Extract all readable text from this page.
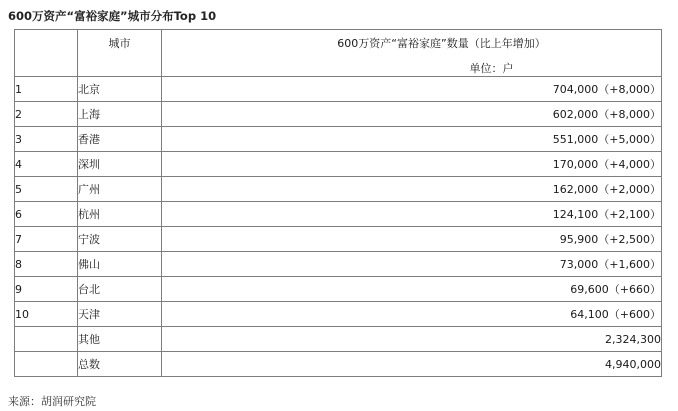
600万资产“富裕家庭”城市分布Top 10

	城市	600万资产“富裕家庭”数量（比上年增加）
单位：户

1	北京	704,000（+8,000）
2	上海	602,000（+8,000）
3	香港	551,000（+5,000）
4	深圳	170,000（+4,000）
5	广州	162,000（+2,000）
6	杭州	124,100（+2,100）
7	宁波	95,900（+2,500）
8	佛山	73,000（+1,600）
9	台北	69,600（+660）
10	天津	64,100（+600）
	其他	2,324,300
	总数	4,940,000
来源：胡润研究院
